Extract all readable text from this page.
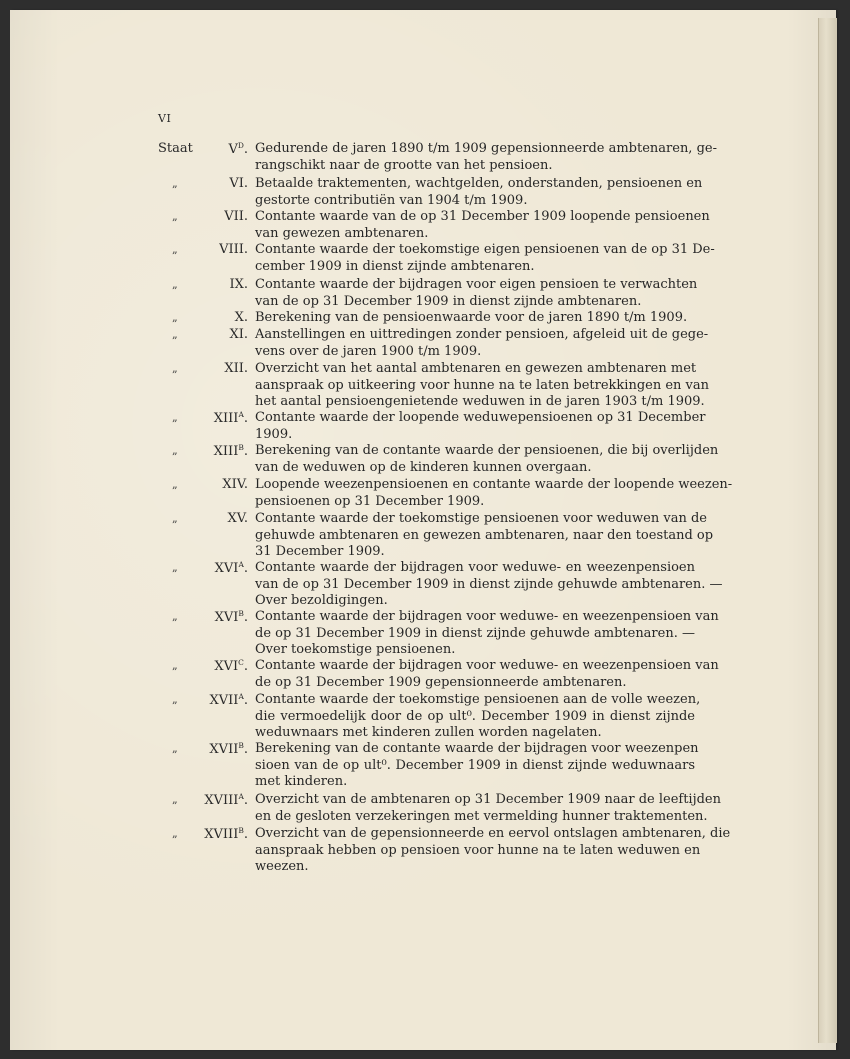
VI
Staat	$V^D$. Gedurende de jaren 1890 t/m 1909 gepensionneerde ambtenaren, ge-
rangschikt naar de grootte van het pensioen.
„	VI. Betaalde traktementen, wachtgelden, onderstanden, pensioenen en
gestorte contributiën van 1904 t/m 1909.
„	VII. Contante waarde van de op 31 December 1909 loopende pensioenen
van gewezen ambtenaren.
„	VIII. Contante waarde der toekomstige eigen pensioenen van de op 31 De-
cember 1909 in dienst zijnde ambtenaren.
„	IX. Contante waarde der bijdragen voor eigen pensioen te verwachten
van de op 31 December 1909 in dienst zijnde ambtenaren.
„	X. Berekening van de pensioenwaarde voor de jaren 1890 t/m 1909.
„	XI. Aanstellingen en uittredingen zonder pensioen, afgeleid uit de gege-
vens over de jaren 1900 t/m 1909.
„	XII. Overzicht van het aantal ambtenaren en gewezen ambtenaren met
aanspraak op uitkeering voor hunne na te laten betrekkingen en van
het aantal pensioengenietende weduwen in de jaren 1903 t/m 1909.
„	$XIII^A$. Contante waarde der loopende weduwepensioenen op 31 December
1909.
„	$XIII^B$. Berekening van de contante waarde der pensioenen, die bij overlijden
van de weduwen op de kinderen kunnen overgaan.
„	XIV. Loopende weezenpensioenen en contante waarde der loopende weezen-
pensioenen op 31 December 1909.
„	XV. Contante waarde der toekomstige pensioenen voor weduwen van de
gehuwde ambtenaren en gewezen ambtenaren, naar den toestand op
31 December 1909.
„	$XVI^A$. Contante waarde der bijdragen voor weduwe- en weezenpensioen
van de op 31 December 1909 in dienst zijnde gehuwde ambtenaren. —
Over bezoldigingen.
„	$XVI^B$. Contante waarde der bijdragen voor weduwe- en weezenpensioen van
de op 31 December 1909 in dienst zijnde gehuwde ambtenaren. —
Over toekomstige pensioenen.
„	$XVI^C$. Contante waarde der bijdragen voor weduwe- en weezenpensioen van
de op 31 December 1909 gepensionneerde ambtenaren.
„ $XVII^A$. Contante waarde der toekomstige pensioenen aan de volle weezen,
die vermoedelijk door de op ult⁰. December 1909 in dienst zijnde
weduwnaars met kinderen zullen worden nagelaten.
„ $XVII^B$. Berekening van de contante waarde der bijdragen voor weezenpen
sioen van de op ult⁰. December 1909 in dienst zijnde weduwnaars
met kinderen.
„ $XVIII^A$. Overzicht van de ambtenaren op 31 December 1909 naar de leeftijden
en de gesloten verzekeringen met vermelding hunner traktementen.
„ $XVIII^B$. Overzicht van de gepensionneerde en eervol ontslagen ambtenaren, die
aanspraak hebben op pensioen voor hunne na te laten weduwen en
weezen.
